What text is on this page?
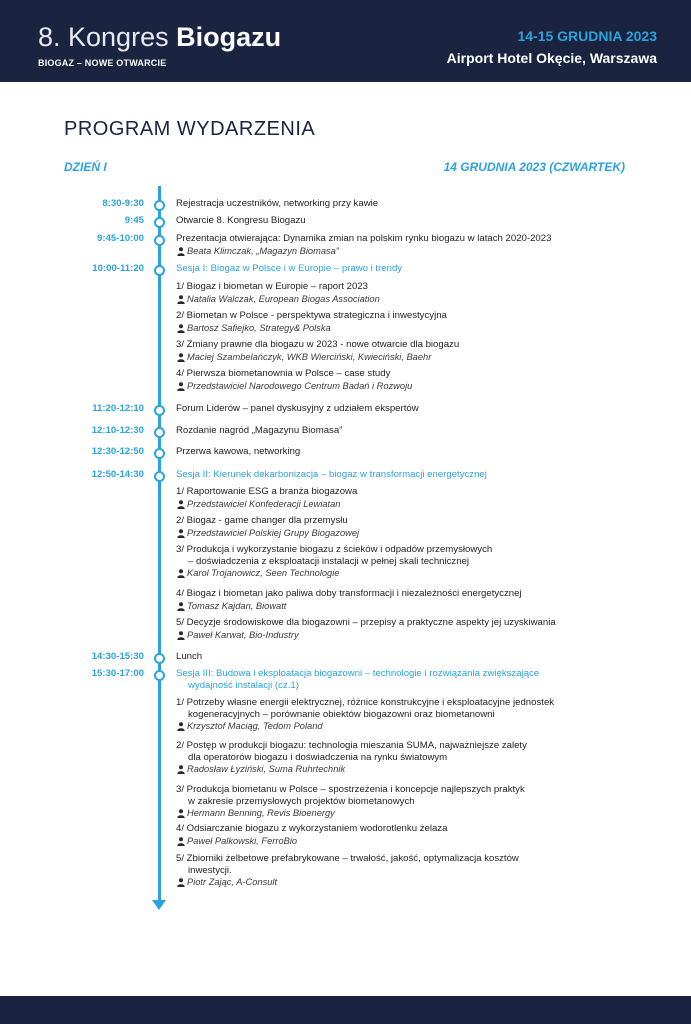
8. Kongres Biogazu
BIOGAZ – NOWE OTWARCIE
14-15 GRUDNIA 2023
Airport Hotel Okęcie, Warszawa
PROGRAM WYDARZENIA
DZIEŃ I	14 GRUDNIA 2023 (CZWARTEK)
8:30-9:30	Rejestracja uczestników, networking przy kawie
9:45	Otwarcie 8. Kongresu Biogazu
9:45-10:00	Prezentacja otwierająca: Dynamika zmian na polskim rynku biogazu w latach 2020-2023
Beata Klimczak, „Magazyn Biomasa”
10:00-11:20	Sesja I: Biogaz w Polsce i w Europie – prawo i trendy
1/ Biogaz i biometan w Europie – raport 2023
Natalia Walczak, European Biogas Association
2/ Biometan w Polsce - perspektywa strategiczna i inwestycyjna
Bartosz Safiejko, Strategy& Polska
3/ Zmiany prawne dla biogazu w 2023 - nowe otwarcie dla biogazu
Maciej Szambelańczyk, WKB Wierciński, Kwieciński, Baehr
4/ Pierwsza biometanownia w Polsce – case study
Przedstawiciel Narodowego Centrum Badań i Rozwoju
11:20-12:10	Forum Liderów – panel dyskusyjny z udziałem ekspertów
12:10-12:30	Rozdanie nagród „Magazynu Biomasa”
12:30-12:50	Przerwa kawowa, networking
12:50-14:30	Sesja II: Kierunek dekarbonizacja – biogaz w transformacji energetycznej
1/ Raportowanie ESG a branża biogazowa
Przedstawiciel Konfederacji Lewiatan
2/ Biogaz - game changer dla przemysłu
Przedstawiciel Polskiej Grupy Biogazowej
3/ Produkcja i wykorzystanie biogazu z ścieków i odpadów przemysłowych
– doświadczenia z eksploatacji instalacji w pełnej skali technicznej
Karol Trojanowicz, Seen Technologie
4/ Biogaz i biometan jako paliwa doby transformacji i niezależności energetycznej
Tomasz Kajdan, Biowatt
5/ Decyzje środowiskowe dla biogazowni – przepisy a praktyczne aspekty jej uzyskiwania
Paweł Karwat, Bio-Industry
14:30-15:30	Lunch
15:30-17:00	Sesja III: Budowa i eksploatacja biogazowni – technologie i rozwiązania zwiększające
wydajność instalacji (cz.1)
1/ Potrzeby własne energii elektrycznej, różnice konstrukcyjne i eksploatacyjne jednostek
kogeneracyjnych – porównanie obiektów biogazowni oraz biometanowni
Krzysztof Maciąg, Tedom Poland
2/ Postęp w produkcji biogazu: technologia mieszania SUMA, najważniejsze zalety
dla operatorów biogazu i doświadczenia na rynku światowym
Radosław Łyziński, Suma Ruhrtechnik
3/ Produkcja biometanu w Polsce – spostrzeżenia i koncepcje najlepszych praktyk
w zakresie przemysłowych projektów biometanowych
Hermann Benning, Revis Bioenergy
4/ Odsiarczanie biogazu z wykorzystaniem wodorotlenku żelaza
Paweł Palkowski, FerroBio
5/ Zbiorniki żelbetowe prefabrykowane – trwałość, jakość, optymalizacja kosztów
inwestycji.
Piotr Zając, A-Consult
